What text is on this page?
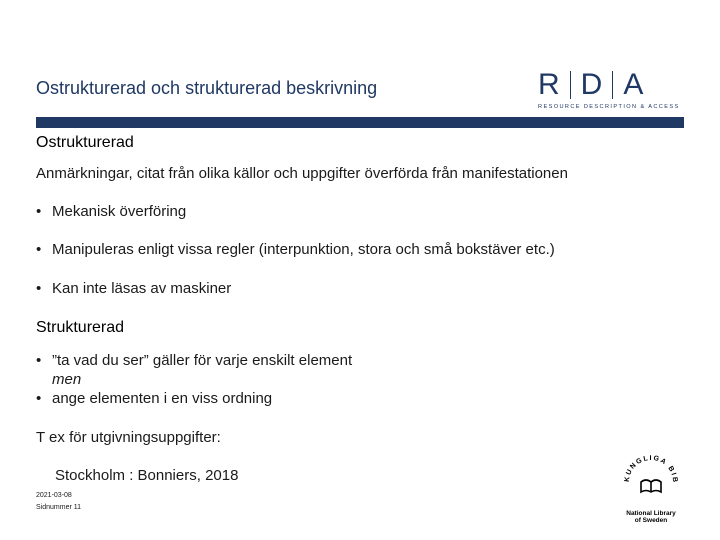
Ostrukturerad och strukturerad beskrivning	R D A
RESOURCE DESCRIPTION & ACCESS
Ostrukturerad
Anmärkningar, citat från olika källor och uppgifter överförda från manifestationen
• Mekanisk överföring
• Manipuleras enligt vissa regler (interpunktion, stora och små bokstäver etc.)
• Kan inte läsas av maskiner
Strukturerad
• ”ta vad du ser” gäller för varje enskilt element
men
• ange elementen i en viss ordning
T ex för utgivningsuppgifter:
Stockholm : Bonniers, 2018
2021-03-08
Sidnummer 11
KUNGLIGA BIB
National Library
of Sweden
